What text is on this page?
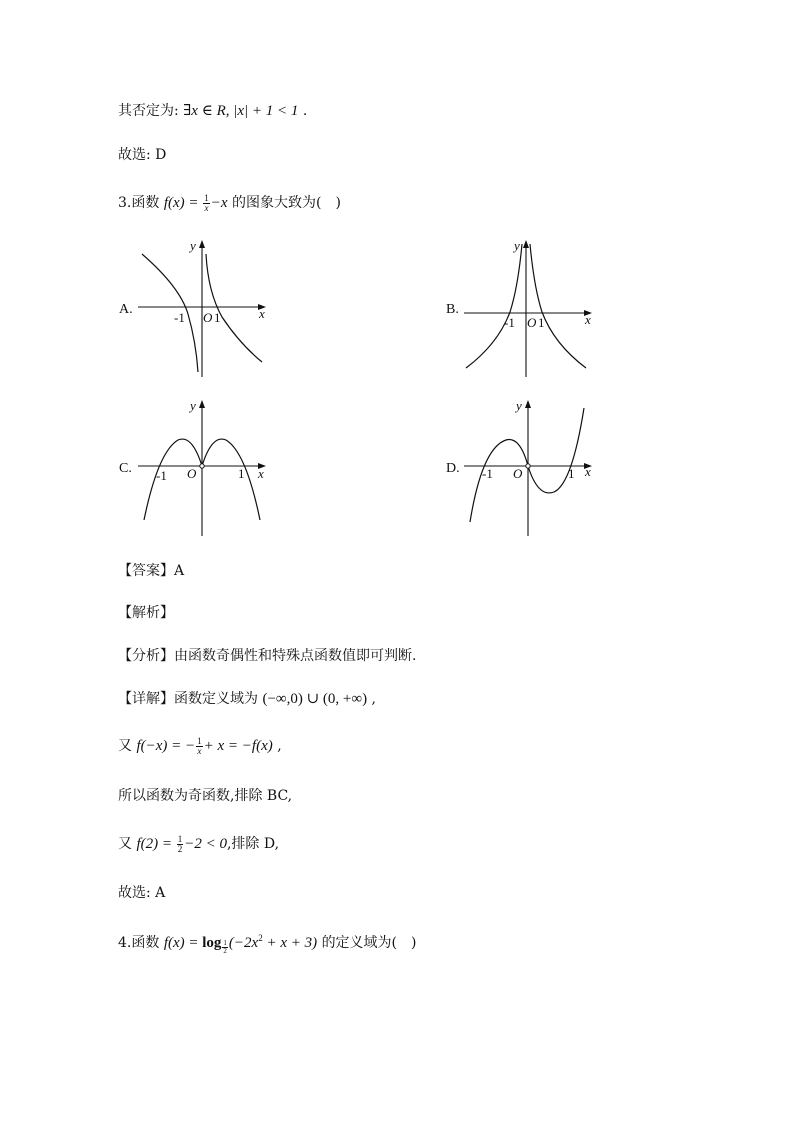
其否定为: ∃x ∈ R, |x| + 1 < 1 .
故选: D
3.函数 $f(x) = \frac{1}{x} -x$ 的图象大致为(　)
A.	B.
C.	D.
-1 O 1	x
y
-1 O 1	x
y
-1 O	1 x
y
-1 O	1 x
y
【答案】A
【解析】
【分析】由函数奇偶性和特殊点函数值即可判断.
【详解】函数定义域为 (−∞,0) ∪ (0, +∞) ,
又 f(−x) = − $\frac{1}{x} + x = -f(x)$ ,
所以函数为奇函数,排除 BC,
又 $f(2) = \frac{1}{2} -2 < 0$,排除 D,
故选: A
4.函数 $f(x) = \log \frac{1}{2} (-2x^2 + x + 3)$ 的定义域为(　)
